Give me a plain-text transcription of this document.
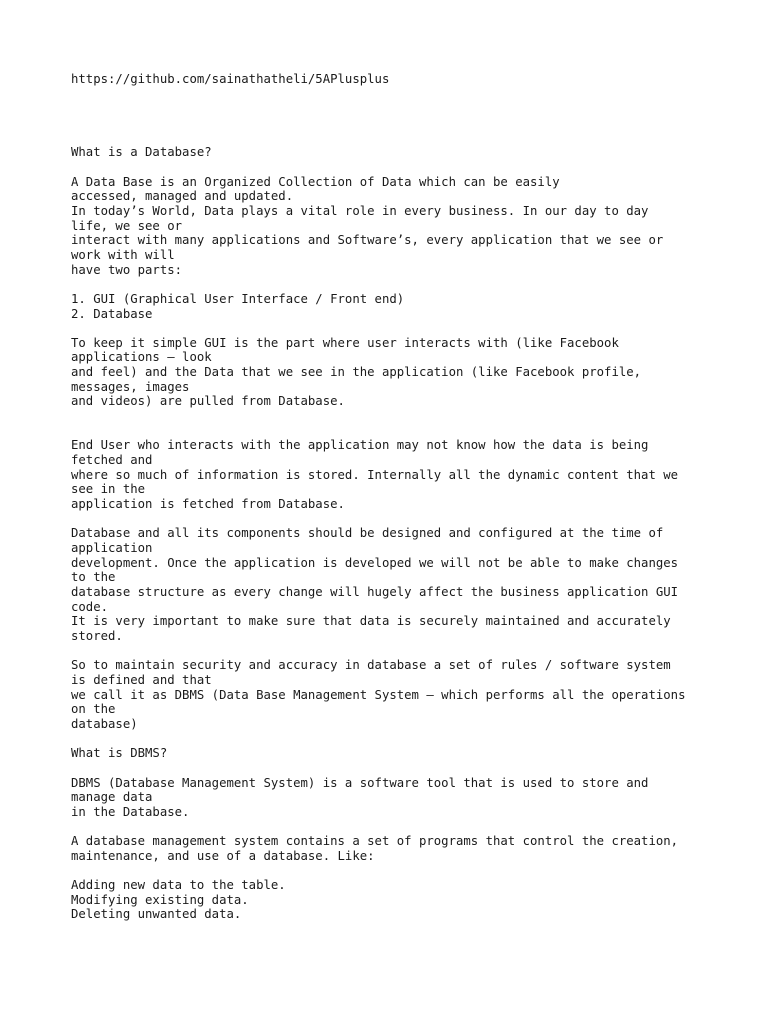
https://github.com/sainathatheli/5APlusplus

What is a Database?

A Data Base is an Organized Collection of Data which can be easily
accessed, managed and updated.
In today’s World, Data plays a vital role in every business. In our day to day
life, we see or
interact with many applications and Software’s, every application that we see or
work with will
have two parts:

1. GUI (Graphical User Interface / Front end)
2. Database

To keep it simple GUI is the part where user interacts with (like Facebook
applications – look
and feel) and the Data that we see in the application (like Facebook profile,
messages, images
and videos) are pulled from Database.

End User who interacts with the application may not know how the data is being
fetched and
where so much of information is stored. Internally all the dynamic content that we
see in the
application is fetched from Database.

Database and all its components should be designed and configured at the time of
application
development. Once the application is developed we will not be able to make changes
to the
database structure as every change will hugely affect the business application GUI
code.
It is very important to make sure that data is securely maintained and accurately
stored.

So to maintain security and accuracy in database a set of rules / software system
is defined and that
we call it as DBMS (Data Base Management System – which performs all the operations
on the
database)

What is DBMS?

DBMS (Database Management System) is a software tool that is used to store and
manage data
in the Database.

A database management system contains a set of programs that control the creation,
maintenance, and use of a database. Like:

Adding new data to the table.
Modifying existing data.
Deleting unwanted data.
